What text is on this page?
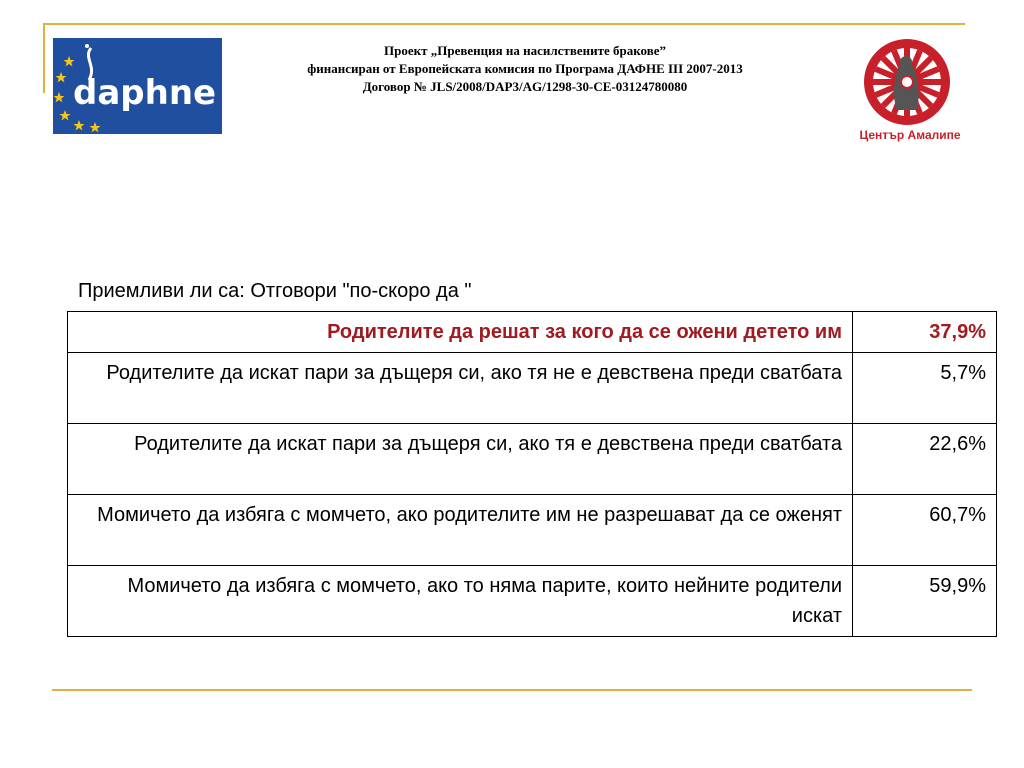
daphne
Проект „Превенция на насилствените бракове”
финансиран от Европейската комисия по Програма ДАФНЕ III 2007-2013
Договор № JLS/2008/DAP3/AG/1298-30-CE-03124780080
Център Амалипе
Приемливи ли са: Отговори "по-скоро да "
Родителите да решат за кого да се ожени детето им	37,9%
Родителите да искат пари за дъщеря си, ако тя не е девствена преди сватбата	5,7%
Родителите да искат пари за дъщеря си, ако тя е девствена преди сватбата	22,6%
Момичето да избяга с момчето, ако родителите им не разрешават да се оженят	60,7%
Момичето да избяга с момчето, ако то няма парите, които нейните родители искат	59,9%
